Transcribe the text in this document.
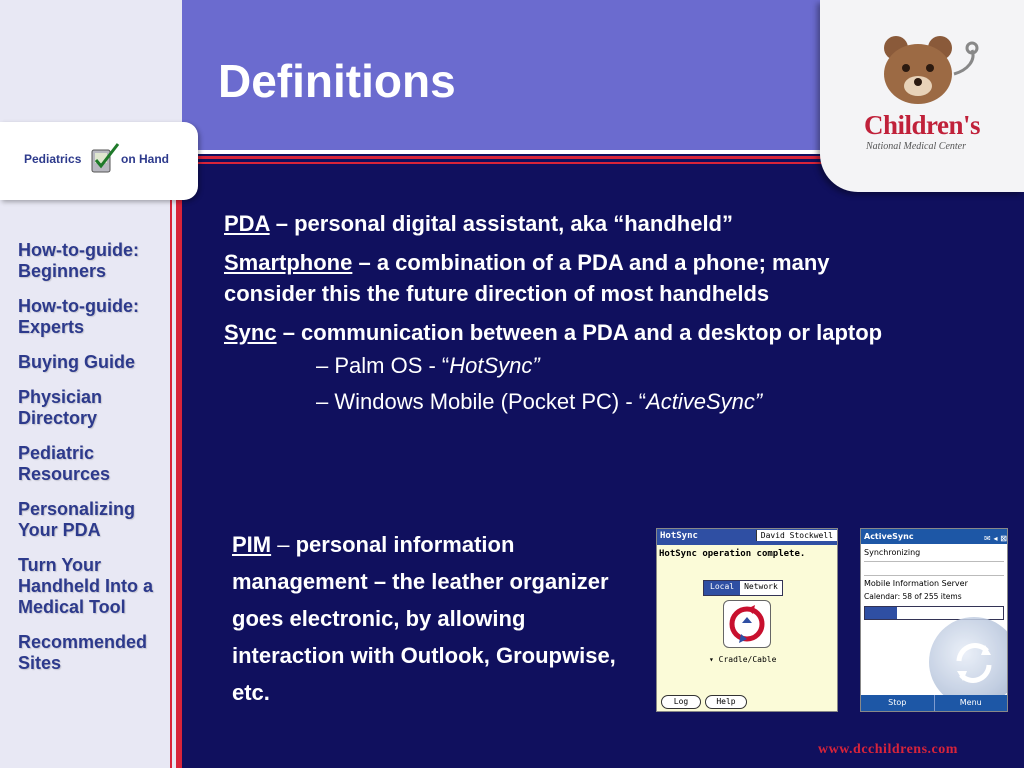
Definitions
Children's
National Medical Center
Pediatrics	on Hand
How-to-guide: Beginners
How-to-guide: Experts
Buying Guide
Physician Directory
Pediatric Resources
Personalizing Your PDA
Turn Your Handheld Into a Medical Tool
Recommended Sites

PDA – personal digital assistant, aka “handheld”

Smartphone – a combination of a PDA and a phone; many consider this the future direction of most handhelds

Sync – communication between a PDA and a desktop or laptop

– Palm OS - “HotSync”

– Windows Mobile (Pocket PC) - “ActiveSync”

PIM – personal information management – the leather organizer goes electronic, by allowing interaction with Outlook, Groupwise, etc.
HotSync	David Stockwell
HotSync operation complete.
Local	Network
▾ Cradle/Cable
Log	Help
ActiveSync	✉ ◂ ⊠
Synchronizing
Mobile Information Server
Calendar: 58 of 255 items
Stop	Menu
www.dcchildrens.com
